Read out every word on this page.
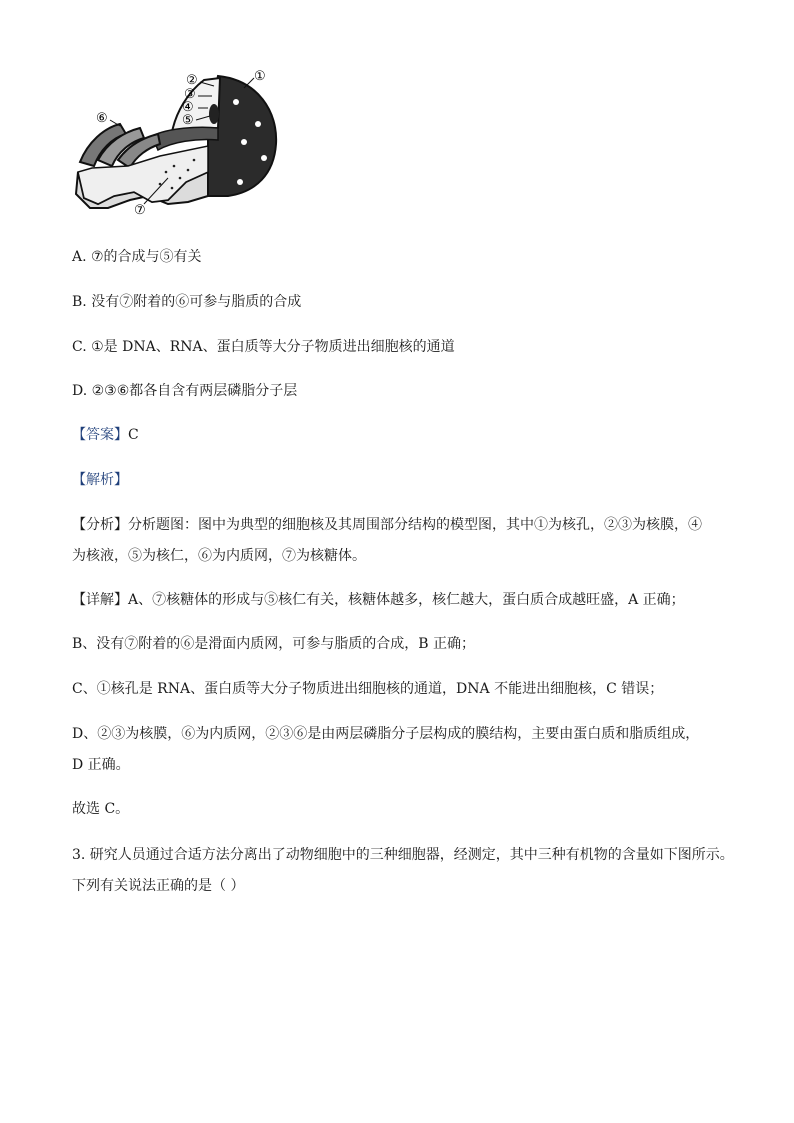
①
②
③
④
⑤
⑥
⑦
A. ⑦的合成与⑤有关
B. 没有⑦附着的⑥可参与脂质的合成
C. ①是 DNA、RNA、蛋白质等大分子物质进出细胞核的通道
D. ②③⑥都各自含有两层磷脂分子层
【答案】C
【解析】
【分析】分析题图：图中为典型的细胞核及其周围部分结构的模型图，其中①为核孔，②③为核膜，④
为核液，⑤为核仁，⑥为内质网，⑦为核糖体。
【详解】A、⑦核糖体的形成与⑤核仁有关，核糖体越多，核仁越大，蛋白质合成越旺盛，A 正确；
B、没有⑦附着的⑥是滑面内质网，可参与脂质的合成，B 正确；
C、①核孔是 RNA、蛋白质等大分子物质进出细胞核的通道，DNA 不能进出细胞核，C 错误；
D、②③为核膜，⑥为内质网，②③⑥是由两层磷脂分子层构成的膜结构，主要由蛋白质和脂质组成，
D 正确。
故选 C。
3. 研究人员通过合适方法分离出了动物细胞中的三种细胞器，经测定，其中三种有机物的含量如下图所示。
下列有关说法正确的是（ ）
